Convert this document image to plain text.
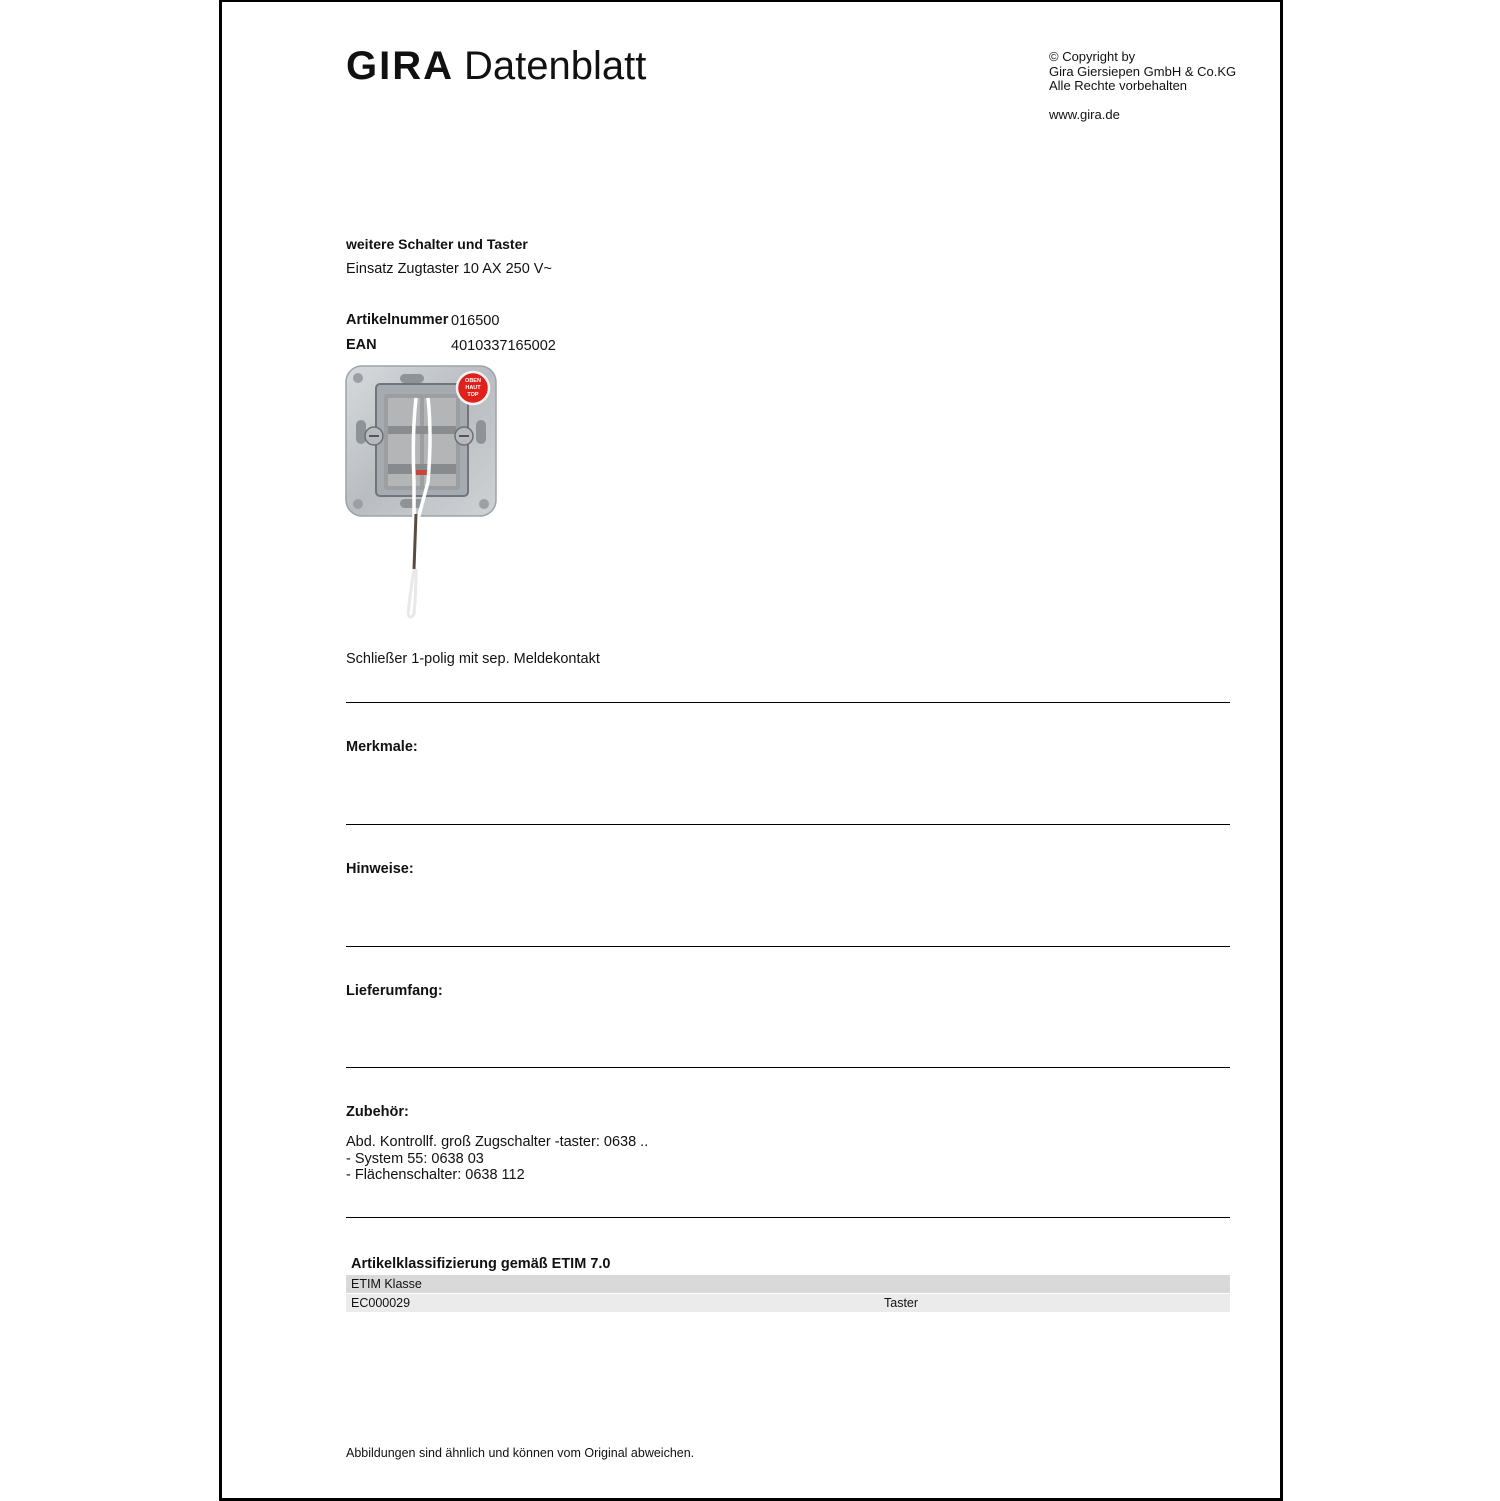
GIRA Datenblatt	© Copyright by
Gira Giersiepen GmbH & Co.KG
Alle Rechte vorbehalten
www.gira.de
weitere Schalter und Taster
Einsatz Zugtaster 10 AX 250 V~
Artikelnummer 016500
EAN	4010337165002
OBEN
HAUT
TOP
Schließer 1-polig mit sep. Meldekontakt
Merkmale:
Hinweise:
Lieferumfang:
Zubehör:
Abd. Kontrollf. groß Zugschalter -taster: 0638 ..
- System 55: 0638 03
- Flächenschalter: 0638 112
Artikelklassifizierung gemäß ETIM 7.0
ETIM Klasse
EC000029	Taster
Abbildungen sind ähnlich und können vom Original abweichen.
